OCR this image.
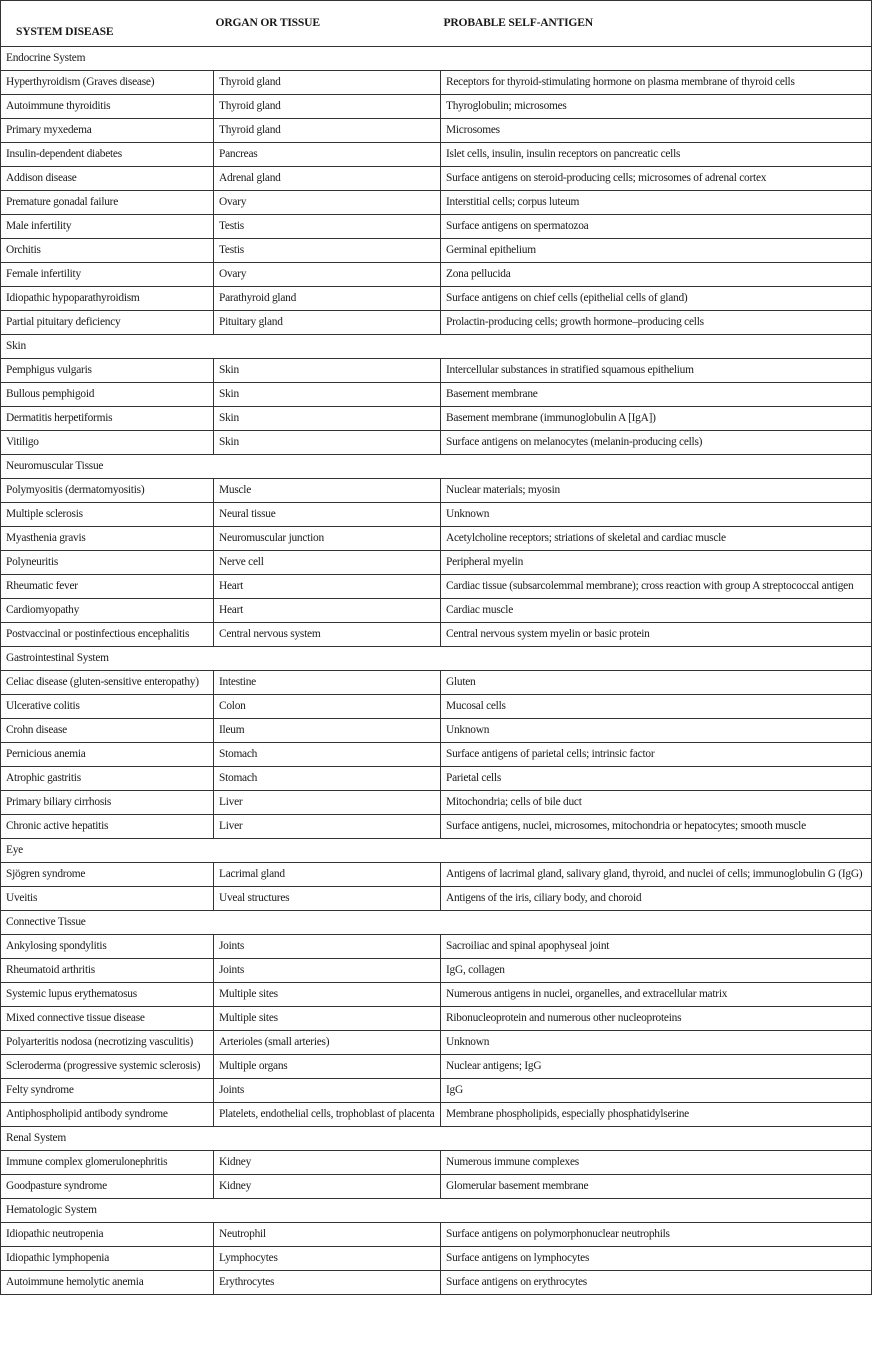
SYSTEM DISEASE	ORGAN OR TISSUE	PROBABLE SELF-ANTIGEN

Endocrine System		

Hyperthyroidism (Graves disease)	Thyroid gland	Receptors for thyroid-stimulating hormone on plasma membrane of thyroid cells

Autoimmune thyroiditis	Thyroid gland	Thyroglobulin; microsomes

Primary myxedema	Thyroid gland	Microsomes

Insulin-dependent diabetes	Pancreas	Islet cells, insulin, insulin receptors on pancreatic cells

Addison disease	Adrenal gland	Surface antigens on steroid-producing cells; microsomes of adrenal cortex

Premature gonadal failure	Ovary	Interstitial cells; corpus luteum

Male infertility	Testis	Surface antigens on spermatozoa

Orchitis	Testis	Germinal epithelium

Female infertility	Ovary	Zona pellucida

Idiopathic hypoparathyroidism	Parathyroid gland	Surface antigens on chief cells (epithelial cells of gland)

Partial pituitary deficiency	Pituitary gland	Prolactin-producing cells; growth hormone–producing cells

Skin		

Pemphigus vulgaris	Skin	Intercellular substances in stratified squamous epithelium

Bullous pemphigoid	Skin	Basement membrane

Dermatitis herpetiformis	Skin	Basement membrane (immunoglobulin A [IgA])

Vitiligo	Skin	Surface antigens on melanocytes (melanin-producing cells)

Neuromuscular Tissue		

Polymyositis (dermatomyositis)	Muscle	Nuclear materials; myosin

Multiple sclerosis	Neural tissue	Unknown

Myasthenia gravis	Neuromuscular junction	Acetylcholine receptors; striations of skeletal and cardiac muscle

Polyneuritis	Nerve cell	Peripheral myelin

Rheumatic fever	Heart	Cardiac tissue (subsarcolemmal membrane); cross reaction with group A streptococcal antigen

Cardiomyopathy	Heart	Cardiac muscle

Postvaccinal or postinfectious encephalitis	Central nervous system	Central nervous system myelin or basic protein

Gastrointestinal System		

Celiac disease (gluten-sensitive enteropathy)	Intestine	Gluten

Ulcerative colitis	Colon	Mucosal cells

Crohn disease	Ileum	Unknown

Pernicious anemia	Stomach	Surface antigens of parietal cells; intrinsic factor

Atrophic gastritis	Stomach	Parietal cells

Primary biliary cirrhosis	Liver	Mitochondria; cells of bile duct

Chronic active hepatitis	Liver	Surface antigens, nuclei, microsomes, mitochondria or hepatocytes; smooth muscle

Eye		

Sjögren syndrome	Lacrimal gland	Antigens of lacrimal gland, salivary gland, thyroid, and nuclei of cells; immunoglobulin G (IgG)

Uveitis	Uveal structures	Antigens of the iris, ciliary body, and choroid

Connective Tissue		

Ankylosing spondylitis	Joints	Sacroiliac and spinal apophyseal joint

Rheumatoid arthritis	Joints	IgG, collagen

Systemic lupus erythematosus	Multiple sites	Numerous antigens in nuclei, organelles, and extracellular matrix

Mixed connective tissue disease	Multiple sites	Ribonucleoprotein and numerous other nucleoproteins

Polyarteritis nodosa (necrotizing vasculitis)	Arterioles (small arteries)	Unknown

Scleroderma (progressive systemic sclerosis)	Multiple organs	Nuclear antigens; IgG

Felty syndrome	Joints	IgG

Antiphospholipid antibody syndrome	Platelets, endothelial cells, trophoblast of placenta	Membrane phospholipids, especially phosphatidylserine

Renal System		

Immune complex glomerulonephritis	Kidney	Numerous immune complexes

Goodpasture syndrome	Kidney	Glomerular basement membrane

Hematologic System		

Idiopathic neutropenia	Neutrophil	Surface antigens on polymorphonuclear neutrophils

Idiopathic lymphopenia	Lymphocytes	Surface antigens on lymphocytes

Autoimmune hemolytic anemia	Erythrocytes	Surface antigens on erythrocytes
